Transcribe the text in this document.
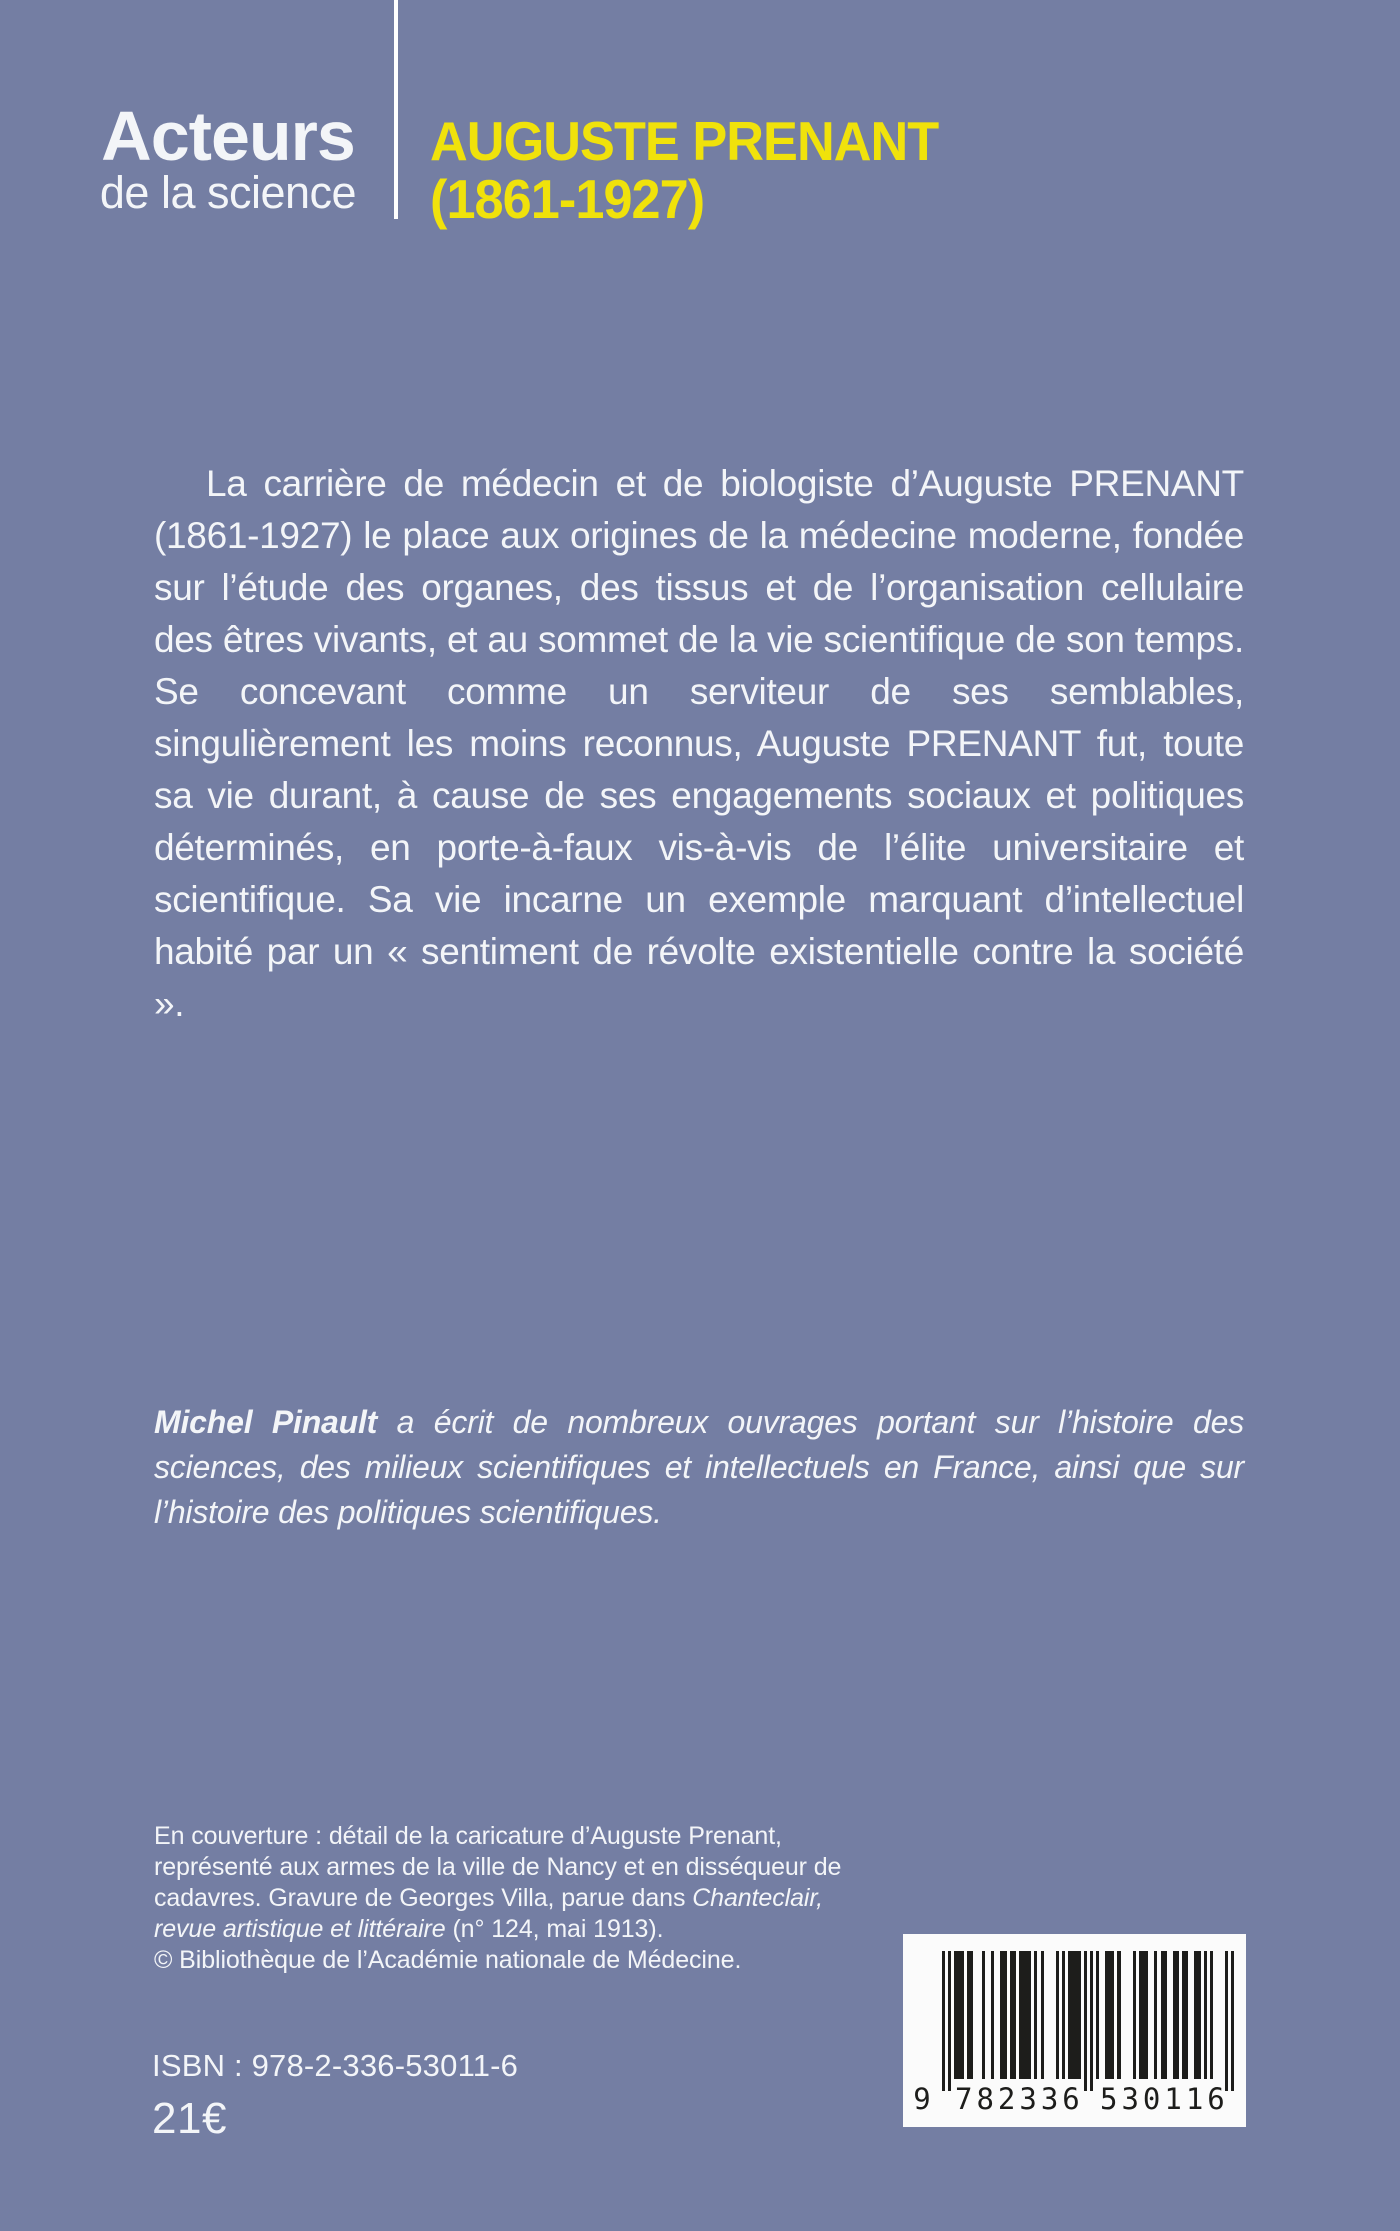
Acteurs
de la science
AUGUSTE PRENANT
(1861-1927)

La carrière de médecin et de biologiste d’Auguste PRENANT (1861-1927) le place aux origines de la médecine moderne, fondée sur l’étude des organes, des tissus et de l’organisation cellulaire des êtres vivants, et au sommet de la vie scientifique de son temps. Se concevant comme un serviteur de ses semblables, singulièrement les moins reconnus, Auguste PRENANT fut, toute sa vie durant, à cause de ses engagements sociaux et politiques déterminés, en porte-à-faux vis-à-vis de l’élite universitaire et scientifique. Sa vie incarne un exemple marquant d’intellectuel habité par un « sentiment de révolte existentielle contre la société ».

Michel Pinault a écrit de nombreux ouvrages portant sur l’histoire des sciences, des milieux scientifiques et intellectuels en France, ainsi que sur l’histoire des politiques scientifiques.

En couverture : détail de la caricature d’Auguste Prenant,
représenté aux armes de la ville de Nancy et en disséqueur de
cadavres. Gravure de Georges Villa, parue dans Chanteclair,
revue artistique et littéraire (n° 124, mai 1913).
© Bibliothèque de l’Académie nationale de Médecine.
ISBN : 978-2-336-53011-6
21€	9 782336 530116
